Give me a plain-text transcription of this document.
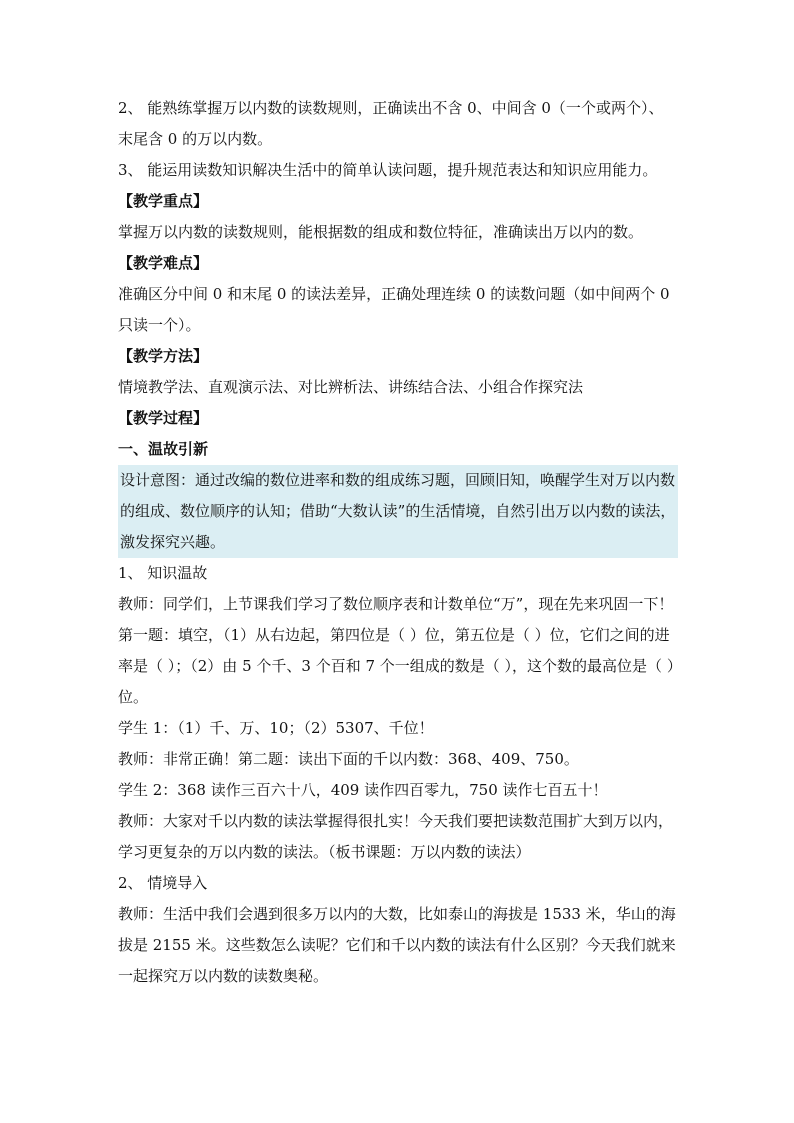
2、 能熟练掌握万以内数的读数规则，正确读出不含 0、中间含 0（一个或两个）、末尾含 0 的万以内数。

3、 能运用读数知识解决生活中的简单认读问题，提升规范表达和知识应用能力。

【教学重点】

掌握万以内数的读数规则，能根据数的组成和数位特征，准确读出万以内的数。

【教学难点】

准确区分中间 0 和末尾 0 的读法差异，正确处理连续 0 的读数问题（如中间两个 0 只读一个）。

【教学方法】

情境教学法、直观演示法、对比辨析法、讲练结合法、小组合作探究法

【教学过程】

一、温故引新

设计意图：通过改编的数位进率和数的组成练习题，回顾旧知，唤醒学生对万以内数的组成、数位顺序的认知；借助“大数认读”的生活情境，自然引出万以内数的读法，激发探究兴趣。

1、 知识温故

教师：同学们，上节课我们学习了数位顺序表和计数单位“万”，现在先来巩固一下！第一题：填空，（1）从右边起，第四位是（ ）位，第五位是（ ）位，它们之间的进率是（ ）；（2）由 5 个千、3 个百和 7 个一组成的数是（ ），这个数的最高位是（ ）位。

学生 1：（1）千、万、10；（2）5307、千位！

教师：非常正确！第二题：读出下面的千以内数：368、409、750。

学生 2：368 读作三百六十八，409 读作四百零九，750 读作七百五十！

教师：大家对千以内数的读法掌握得很扎实！今天我们要把读数范围扩大到万以内，学习更复杂的万以内数的读法。（板书课题：万以内数的读法）

2、 情境导入

教师：生活中我们会遇到很多万以内的大数，比如泰山的海拔是 1533 米，华山的海拔是 2155 米。这些数怎么读呢？它们和千以内数的读法有什么区别？今天我们就来一起探究万以内数的读数奥秘。
